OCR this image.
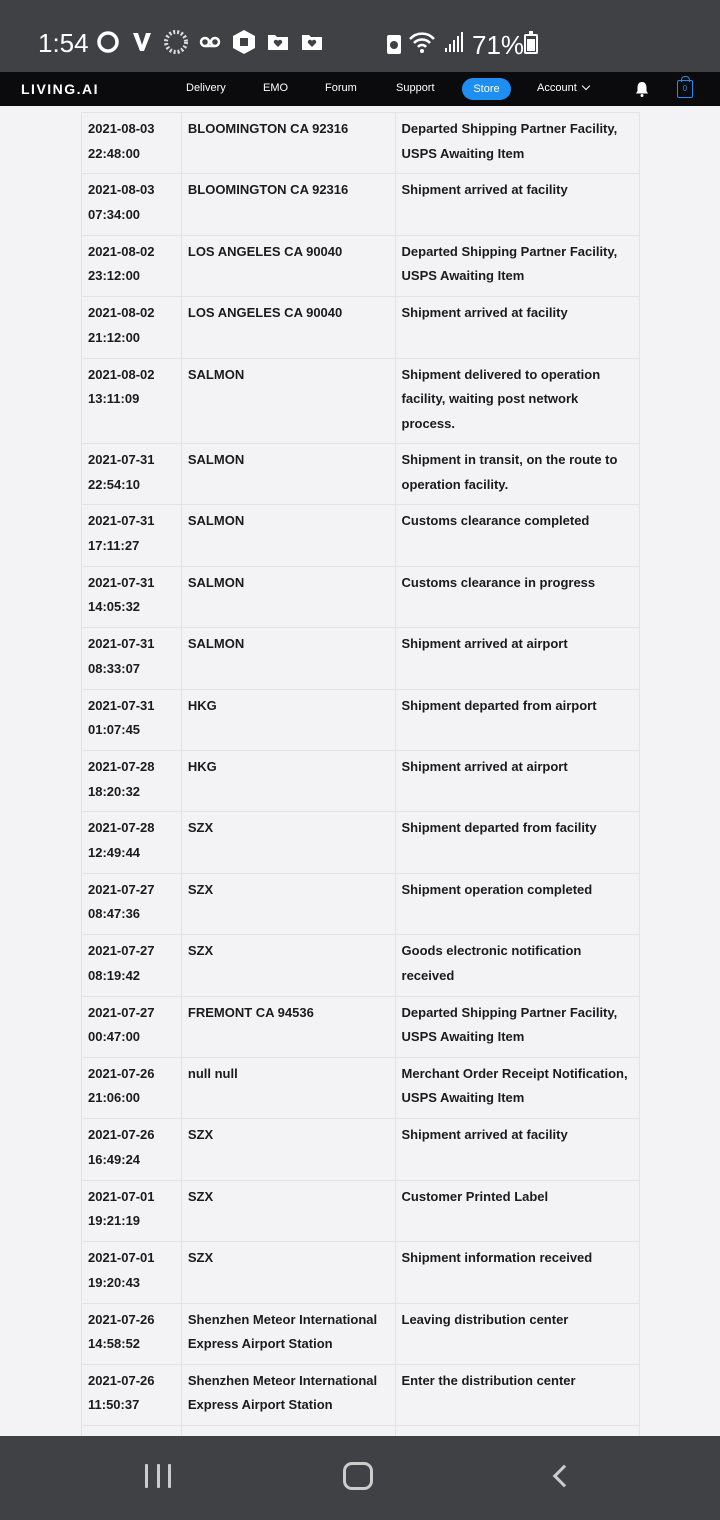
1:54	71%
LIVING.AI	Delivery	EMO	Forum	Support	Store	Account	0
2021-08-03
22:48:00	BLOOMINGTON CA 92316	Departed Shipping Partner Facility, USPS Awaiting Item

2021-08-03
07:34:00	BLOOMINGTON CA 92316	Shipment arrived at facility

2021-08-02
23:12:00	LOS ANGELES CA 90040	Departed Shipping Partner Facility, USPS Awaiting Item

2021-08-02
21:12:00	LOS ANGELES CA 90040	Shipment arrived at facility

2021-08-02
13:11:09	SALMON	Shipment delivered to operation facility, waiting post network process.

2021-07-31
22:54:10	SALMON	Shipment in transit, on the route to operation facility.

2021-07-31
17:11:27	SALMON	Customs clearance completed

2021-07-31
14:05:32	SALMON	Customs clearance in progress

2021-07-31
08:33:07	SALMON	Shipment arrived at airport

2021-07-31
01:07:45	HKG	Shipment departed from airport

2021-07-28
18:20:32	HKG	Shipment arrived at airport

2021-07-28
12:49:44	SZX	Shipment departed from facility

2021-07-27
08:47:36	SZX	Shipment operation completed

2021-07-27
08:19:42	SZX	Goods electronic notification received

2021-07-27
00:47:00	FREMONT CA 94536	Departed Shipping Partner Facility, USPS Awaiting Item

2021-07-26
21:06:00	null null	Merchant Order Receipt Notification, USPS Awaiting Item

2021-07-26
16:49:24	SZX	Shipment arrived at facility

2021-07-01
19:21:19	SZX	Customer Printed Label

2021-07-01
19:20:43	SZX	Shipment information received

2021-07-26
14:58:52	Shenzhen Meteor International Express Airport Station	Leaving distribution center

2021-07-26
11:50:37	Shenzhen Meteor International Express Airport Station	Enter the distribution center
